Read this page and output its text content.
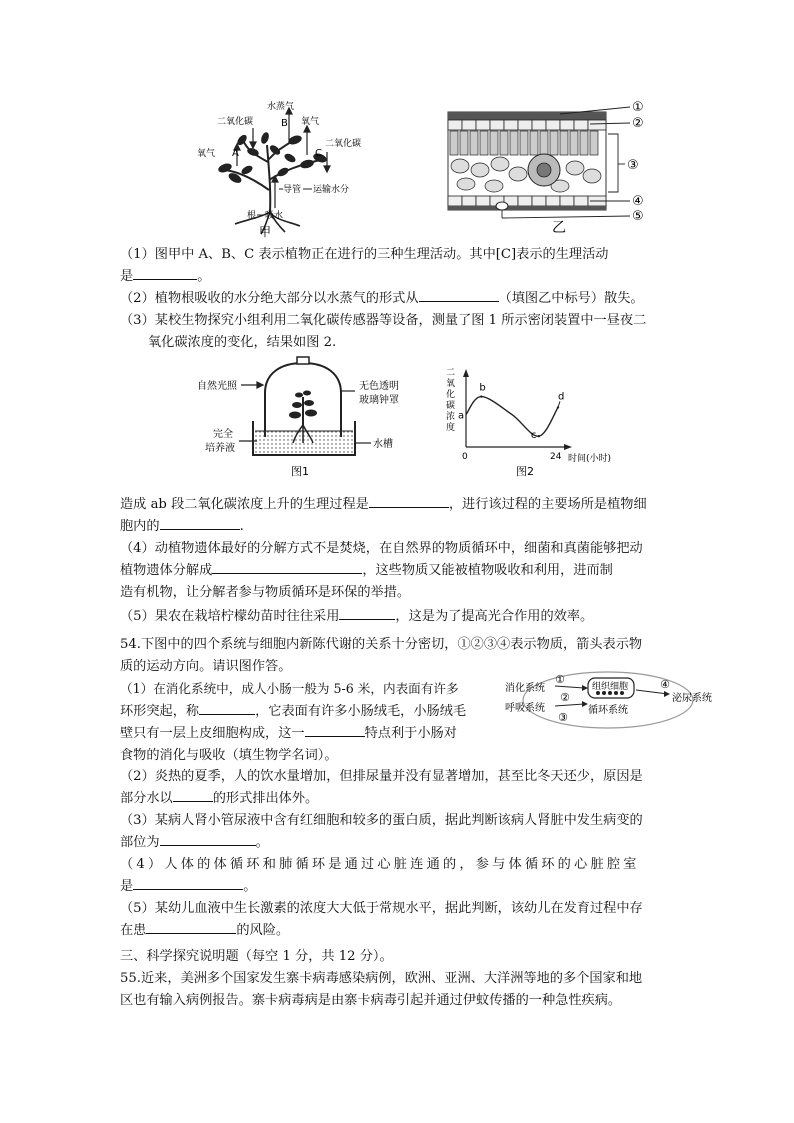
水蒸气
二氧化碳	B 氧气
氧气 A
二氧化碳
C
导管 运输水分
根 吸水
甲
①
②
③
④
⑤
乙
（1）图甲中 A、B、C 表示植物正在进行的三种生理活动。其中[C]表示的生理活动
是	。
（2）植物根吸收的水分绝大部分以水蒸气的形式从	（填图乙中标号）散失。
（3）某校生物探究小组利用二氧化碳传感器等设备，测量了图 1 所示密闭装置中一昼夜二
氧化碳浓度的变化，结果如图 2.
自然光照	无色透明
玻璃钟罩
完全
培养液	水槽
图1
二
氧
化
碳
浓
度
a
b
c
d
0	24 时间(小时)
图2
造成 ab 段二氧化碳浓度上升的生理过程是	，进行该过程的主要场所是植物细
胞内的	.
（4）动植物遗体最好的分解方式不是焚烧，在自然界的物质循环中，细菌和真菌能够把动
植物遗体分解成	，这些物质又能被植物吸收和利用，进而制
造有机物，让分解者参与物质循环是环保的举措。
（5）果农在栽培柠檬幼苗时往往采用	，这是为了提高光合作用的效率。
54.下图中的四个系统与细胞内新陈代谢的关系十分密切，①②③④表示物质，箭头表示物
质的运动方向。请识图作答。
（1）在消化系统中，成人小肠一般为 5-6 米，内表面有许多
环形突起，称	，它表面有许多小肠绒毛，小肠绒毛
壁只有一层上皮细胞构成，这一	特点利于小肠对
食物的消化与吸收（填生物学名词）。
组织细胞
循环系统
消化系统
呼吸系统
泌尿系统
①
②
③
④
（2）炎热的夏季，人的饮水量增加，但排尿量并没有显著增加，甚至比冬天还少，原因是
部分水以	的形式排出体外。
（3）某病人肾小管尿液中含有红细胞和较多的蛋白质，据此判断该病人肾脏中发生病变的
部位为	。
（4）人体的体循环和肺循环是通过心脏连通的，参与体循环的心脏腔室
是	。
（5）某幼儿血液中生长激素的浓度大大低于常规水平，据此判断，该幼儿在发育过程中存
在患	的风险。
三、科学探究说明题（每空 1 分，共 12 分）。
55.近来，美洲多个国家发生寨卡病毒感染病例，欧洲、亚洲、大洋洲等地的多个国家和地
区也有输入病例报告。寨卡病毒病是由寨卡病毒引起并通过伊蚊传播的一种急性疾病。
